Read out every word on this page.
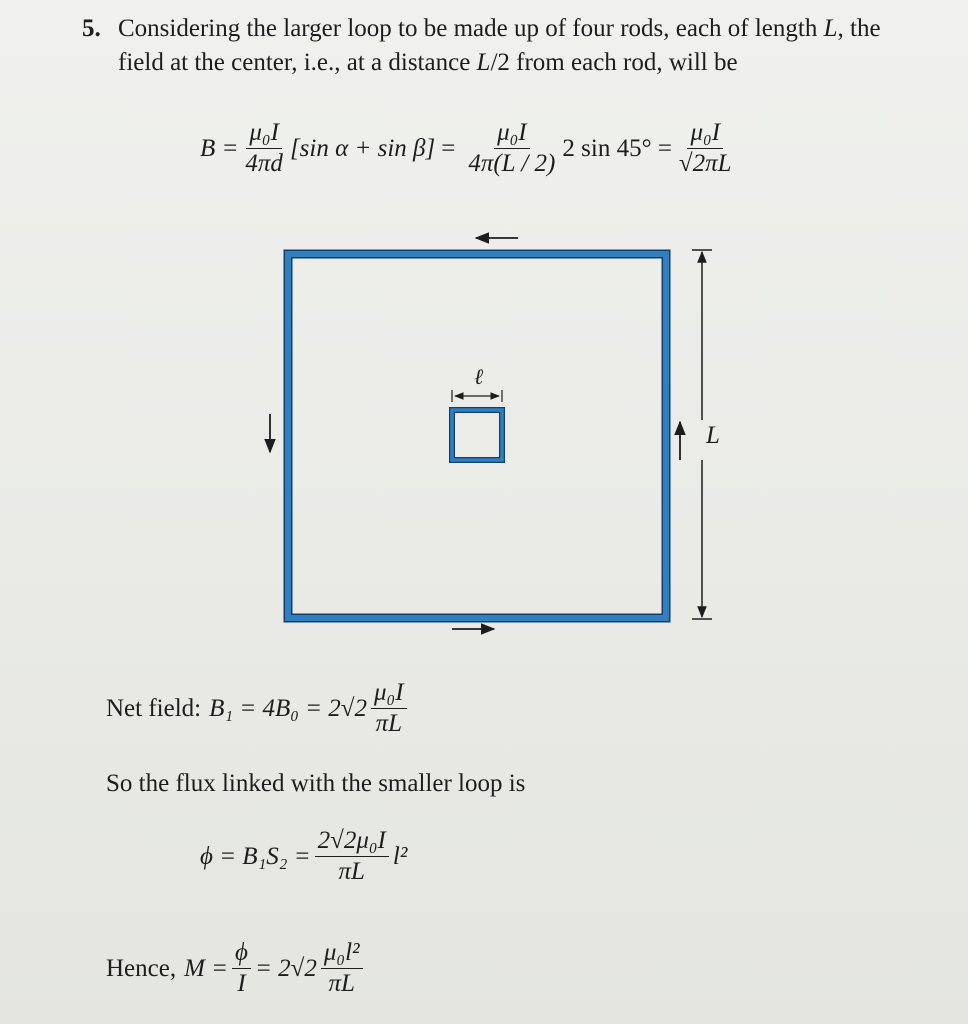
5. Considering the larger loop to be made up of four rods, each of length L, the field at the center, i.e., at a distance L/2 from each rod, will be
$B = \frac{\text{μ₀I}}{4\pi d} [\sin$ $\alpha + \sin \beta] = \frac{\text{μ₀I}}{4\pi(L / 2)} 2$ $\sin 45^\circ = \frac{\text{μ₀I}}{√2\pi L}$
L
ℓ
Net field: $B_1 = 4B_0 = 2√2 \frac{\text{μ₀I}}{\pi L}$
So the flux linked with the smaller loop is
$\phi = B_1S_2 = \frac{\text{2√2μ₀I}}{\pi L} l^2$
Hence, $M = \frac{\phi}{I} = 2√2 \frac{\text{μ₀l²}}{\pi L}$
